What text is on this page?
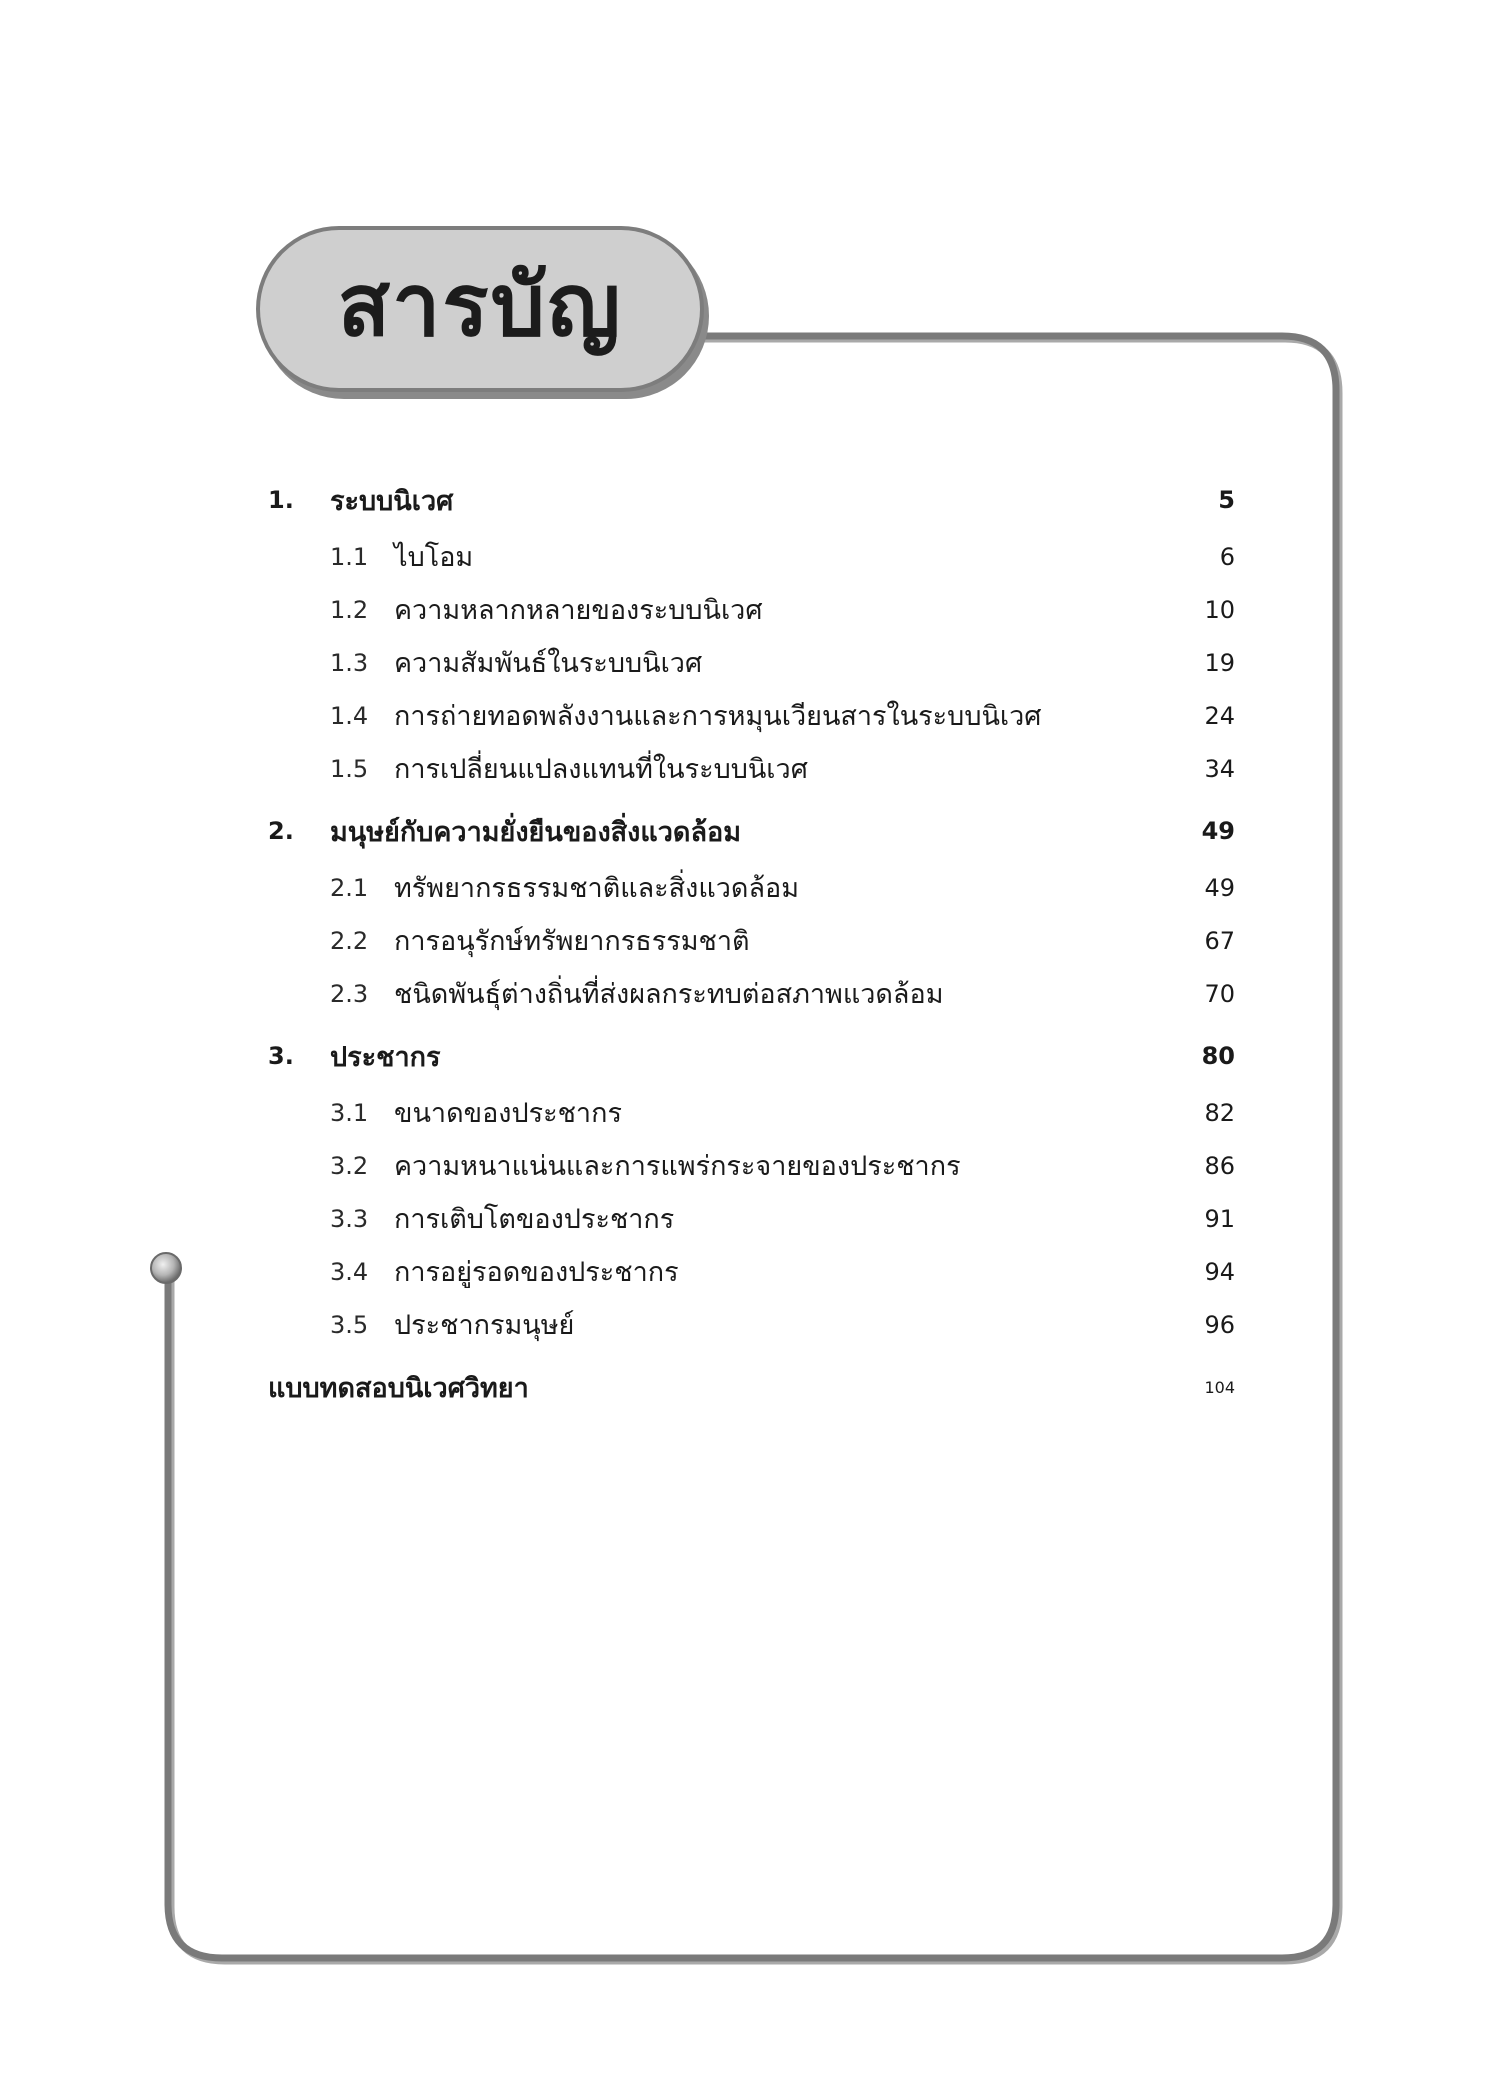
สารบัญ
1.	ระบบนิเวศ	5
1.1 ไบโอม	6
1.2 ความหลากหลายของระบบนิเวศ	10
1.3 ความสัมพันธ์ในระบบนิเวศ	19
1.4 การถ่ายทอดพลังงานและการหมุนเวียนสารในระบบนิเวศ	24
1.5 การเปลี่ยนแปลงแทนที่ในระบบนิเวศ	34
2.	มนุษย์กับความยั่งยืนของสิ่งแวดล้อม	49
2.1 ทรัพยากรธรรมชาติและสิ่งแวดล้อม	49
2.2 การอนุรักษ์ทรัพยากรธรรมชาติ	67
2.3 ชนิดพันธุ์ต่างถิ่นที่ส่งผลกระทบต่อสภาพแวดล้อม	70
3.	ประชากร	80
3.1 ขนาดของประชากร	82
3.2 ความหนาแน่นและการแพร่กระจายของประชากร	86
3.3 การเติบโตของประชากร	91
3.4 การอยู่รอดของประชากร	94
3.5 ประชากรมนุษย์	96
แบบทดสอบนิเวศวิทยา	104
